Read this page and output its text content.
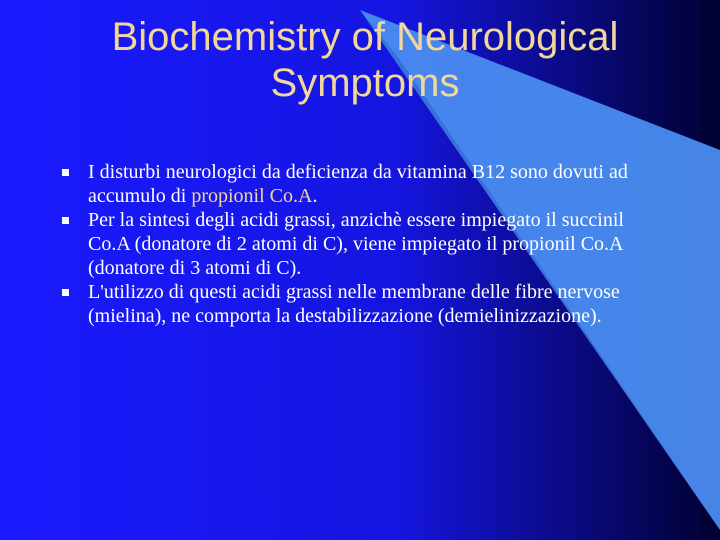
Biochemistry of Neurological
Symptoms
I disturbi neurologici da deficienza da vitamina B12 sono dovuti ad accumulo di propionil Co.A.
Per la sintesi degli acidi grassi, anzichè essere impiegato il succinil Co.A (donatore di 2 atomi di C), viene impiegato il propionil Co.A (donatore di 3 atomi di C).
L'utilizzo di questi acidi grassi nelle membrane delle fibre nervose (mielina), ne comporta la destabilizzazione (demielinizzazione).
